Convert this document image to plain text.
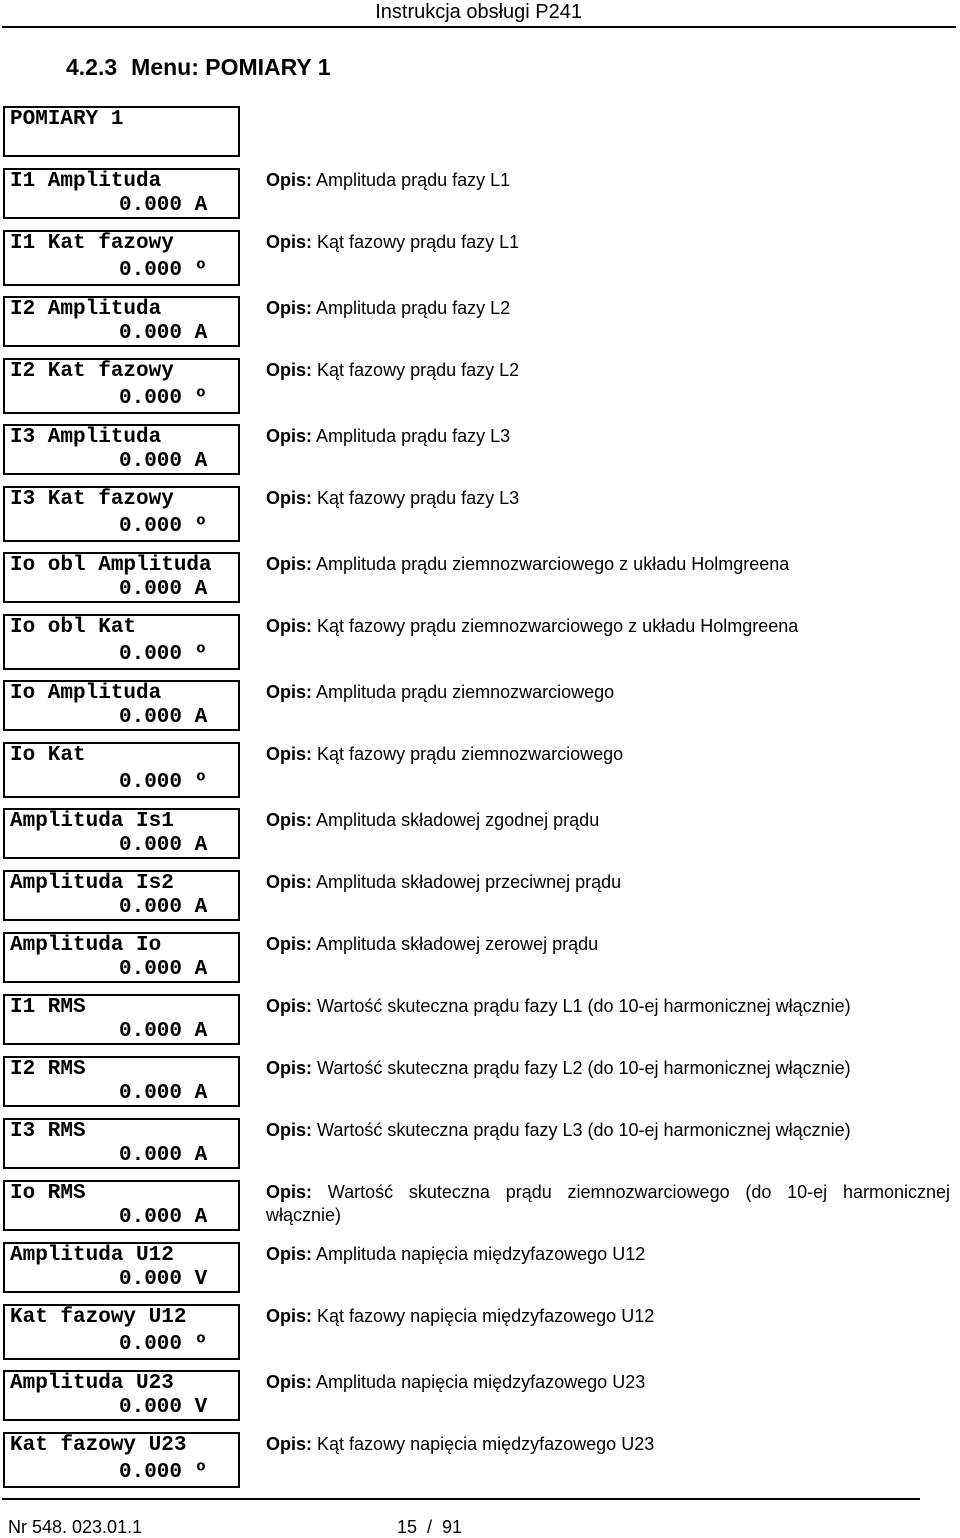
Instrukcja obsługi P241
4.2.3 Menu: POMIARY 1
POMIARY 1
I1 Amplituda
0.000 A
Opis: Amplituda prądu fazy L1
I1 Kat fazowy
0.000 º
Opis: Kąt fazowy prądu fazy L1
I2 Amplituda
0.000 A
Opis: Amplituda prądu fazy L2
I2 Kat fazowy
0.000 º
Opis: Kąt fazowy prądu fazy L2
I3 Amplituda
0.000 A
Opis: Amplituda prądu fazy L3
I3 Kat fazowy
0.000 º
Opis: Kąt fazowy prądu fazy L3
Io obl Amplituda
0.000 A
Opis: Amplituda prądu ziemnozwarciowego z układu Holmgreena
Io obl Kat
0.000 º
Opis: Kąt fazowy prądu ziemnozwarciowego z układu Holmgreena
Io Amplituda
0.000 A
Opis: Amplituda prądu ziemnozwarciowego
Io Kat
0.000 º
Opis: Kąt fazowy prądu ziemnozwarciowego
Amplituda Is1
0.000 A
Opis: Amplituda składowej zgodnej prądu
Amplituda Is2
0.000 A
Opis: Amplituda składowej przeciwnej prądu
Amplituda Io
0.000 A
Opis: Amplituda składowej zerowej prądu
I1 RMS
0.000 A
Opis: Wartość skuteczna prądu fazy L1 (do 10-ej harmonicznej włącznie)
I2 RMS
0.000 A
Opis: Wartość skuteczna prądu fazy L2 (do 10-ej harmonicznej włącznie)
I3 RMS
0.000 A
Opis: Wartość skuteczna prądu fazy L3 (do 10-ej harmonicznej włącznie)
Io RMS
0.000 A
Opis: Wartość skuteczna prądu ziemnozwarciowego (do 10-ej harmonicznej włącznie)
Amplituda U12
0.000 V
Opis: Amplituda napięcia międzyfazowego U12
Kat fazowy U12
0.000 º
Opis: Kąt fazowy napięcia międzyfazowego U12
Amplituda U23
0.000 V
Opis: Amplituda napięcia międzyfazowego U23
Kat fazowy U23
0.000 º
Opis: Kąt fazowy napięcia międzyfazowego U23
Nr 548. 023.01.1	15  /  91
